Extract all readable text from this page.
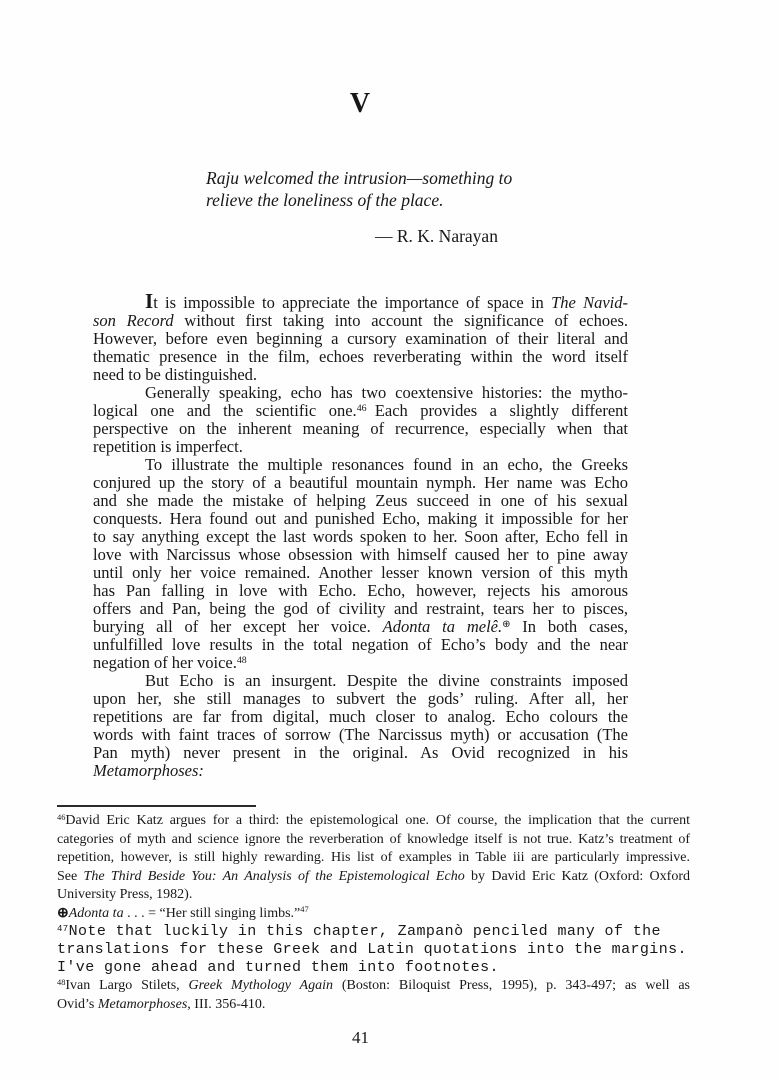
V
Raju welcomed the intrusion—something to
relieve the loneliness of the place.
— R. K. Narayan
It is impossible to appreciate the importance of space in The Navid-
son Record without first taking into account the significance of echoes.
However, before even beginning a cursory examination of their literal and
thematic presence in the film, echoes reverberating within the word itself
need to be distinguished.
Generally speaking, echo has two coextensive histories: the mytho-
logical one and the scientific one.$^{46}$ Each provides a slightly different
perspective on the inherent meaning of recurrence, especially when that
repetition is imperfect.
To illustrate the multiple resonances found in an echo, the Greeks
conjured up the story of a beautiful mountain nymph. Her name was Echo
and she made the mistake of helping Zeus succeed in one of his sexual
conquests. Hera found out and punished Echo, making it impossible for her
to say anything except the last words spoken to her. Soon after, Echo fell in
love with Narcissus whose obsession with himself caused her to pine away
until only her voice remained. Another lesser known version of this myth
has Pan falling in love with Echo. Echo, however, rejects his amorous
offers and Pan, being the god of civility and restraint, tears her to pisces,
burying all of her except her voice. Adonta ta melê.⊕ In both cases,
unfulfilled love results in the total negation of Echo’s body and the near
negation of her voice.$^{48}$
But Echo is an insurgent. Despite the divine constraints imposed
upon her, she still manages to subvert the gods’ ruling. After all, her
repetitions are far from digital, much closer to analog. Echo colours the
words with faint traces of sorrow (The Narcissus myth) or accusation (The
Pan myth) never present in the original. As Ovid recognized in his
Metamorphoses:
$^{46}$David Eric Katz argues for a third: the epistemological one. Of course, the implication that the current
categories of myth and science ignore the reverberation of knowledge itself is not true. Katz’s treatment of
repetition, however, is still highly rewarding. His list of examples in Table iii are particularly impressive.
See The Third Beside You: An Analysis of the Epistemological Echo by David Eric Katz (Oxford: Oxford
University Press, 1982).
⊕Adonta ta . . . = “Her still singing limbs.”$^{47}$
$^{47}$Note that luckily in this chapter, Zampanò penciled many of the
translations for these Greek and Latin quotations into the margins.
I've gone ahead and turned them into footnotes.
$^{48}$Ivan Largo Stilets, Greek Mythology Again (Boston: Biloquist Press, 1995), p. 343-497; as well as
Ovid’s Metamorphoses, III. 356-410.
41
